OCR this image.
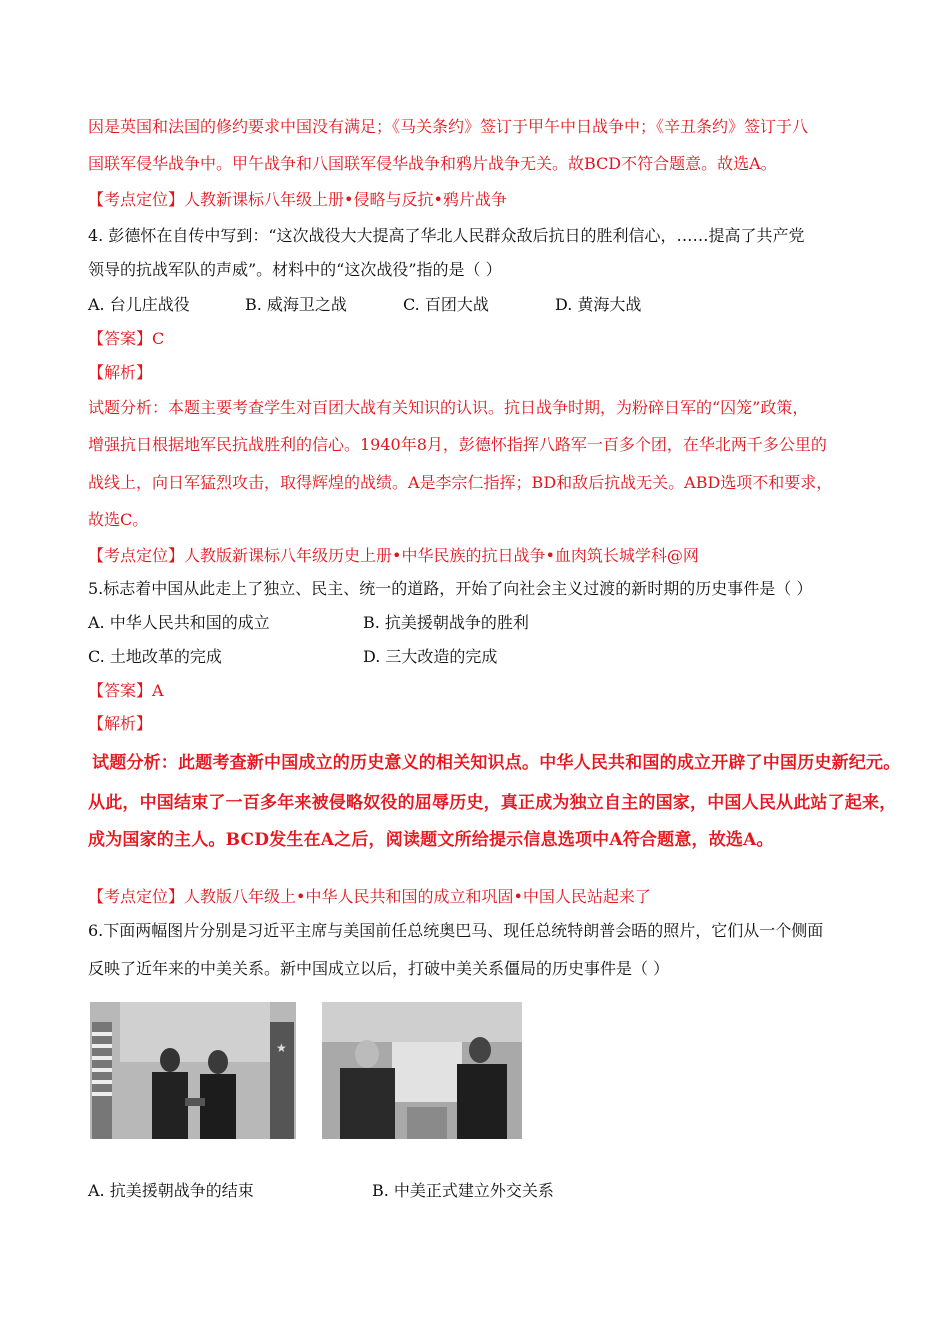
因是英国和法国的修约要求中国没有满足；《马关条约》签订于甲午中日战争中；《辛丑条约》签订于八
国联军侵华战争中。甲午战争和八国联军侵华战争和鸦片战争无关。故BCD不符合题意。故选A。
【考点定位】人教新课标八年级上册•侵略与反抗•鸦片战争
4. 彭德怀在自传中写到：“这次战役大大提高了华北人民群众敌后抗日的胜利信心，……提高了共产党
领导的抗战军队的声威”。材料中的“这次战役”指的是（ ）
A. 台儿庄战役	B. 威海卫之战	C. 百团大战	D. 黄海大战
【答案】C
【解析】
试题分析：本题主要考查学生对百团大战有关知识的认识。抗日战争时期，为粉碎日军的“囚笼”政策，
增强抗日根据地军民抗战胜利的信心。1940年8月，彭德怀指挥八路军一百多个团，在华北两千多公里的
战线上，向日军猛烈攻击，取得辉煌的战绩。A是李宗仁指挥；BD和敌后抗战无关。ABD选项不和要求，
故选C。
【考点定位】人教版新课标八年级历史上册•中华民族的抗日战争•血肉筑长城学科@网
5.标志着中国从此走上了独立、民主、统一的道路，开始了向社会主义过渡的新时期的历史事件是（ ）
A. 中华人民共和国的成立	B. 抗美援朝战争的胜利
C. 土地改革的完成	D. 三大改造的完成
【答案】A
【解析】
试题分析：此题考查新中国成立的历史意义的相关知识点。中华人民共和国的成立开辟了中国历史新纪元。
从此，中国结束了一百多年来被侵略奴役的屈辱历史，真正成为独立自主的国家，中国人民从此站了起来，
成为国家的主人。BCD发生在A之后，阅读题文所给提示信息选项中A符合题意，故选A。
【考点定位】人教版八年级上•中华人民共和国的成立和巩固•中国人民站起来了
6.下面两幅图片分别是习近平主席与美国前任总统奥巴马、现任总统特朗普会晤的照片，它们从一个侧面
反映了近年来的中美关系。新中国成立以后，打破中美关系僵局的历史事件是（ ）
★
A. 抗美援朝战争的结束	B. 中美正式建立外交关系
